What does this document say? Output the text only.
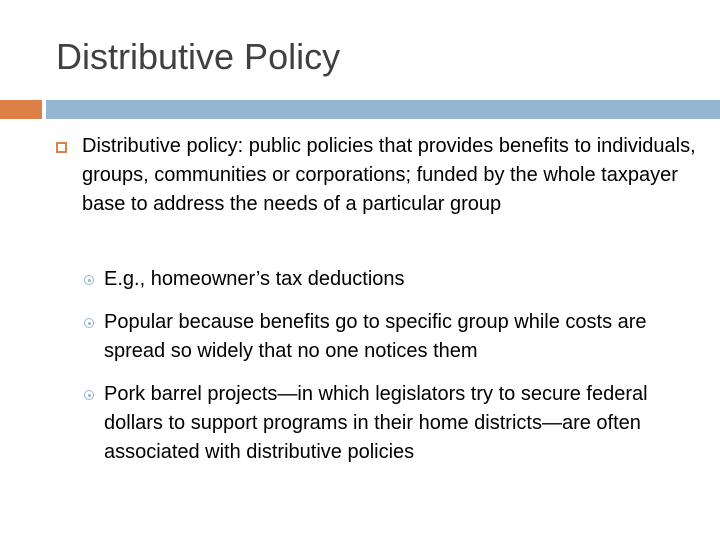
Distributive Policy
Distributive policy: public policies that provides benefits to individuals, groups, communities or corporations; funded by the whole taxpayer base to address the needs of a particular group
E.g., homeowner’s tax deductions
Popular because benefits go to specific group while costs are spread so widely that no one notices them
Pork barrel projects—in which legislators try to secure federal dollars to support programs in their home districts—are often associated with distributive policies
